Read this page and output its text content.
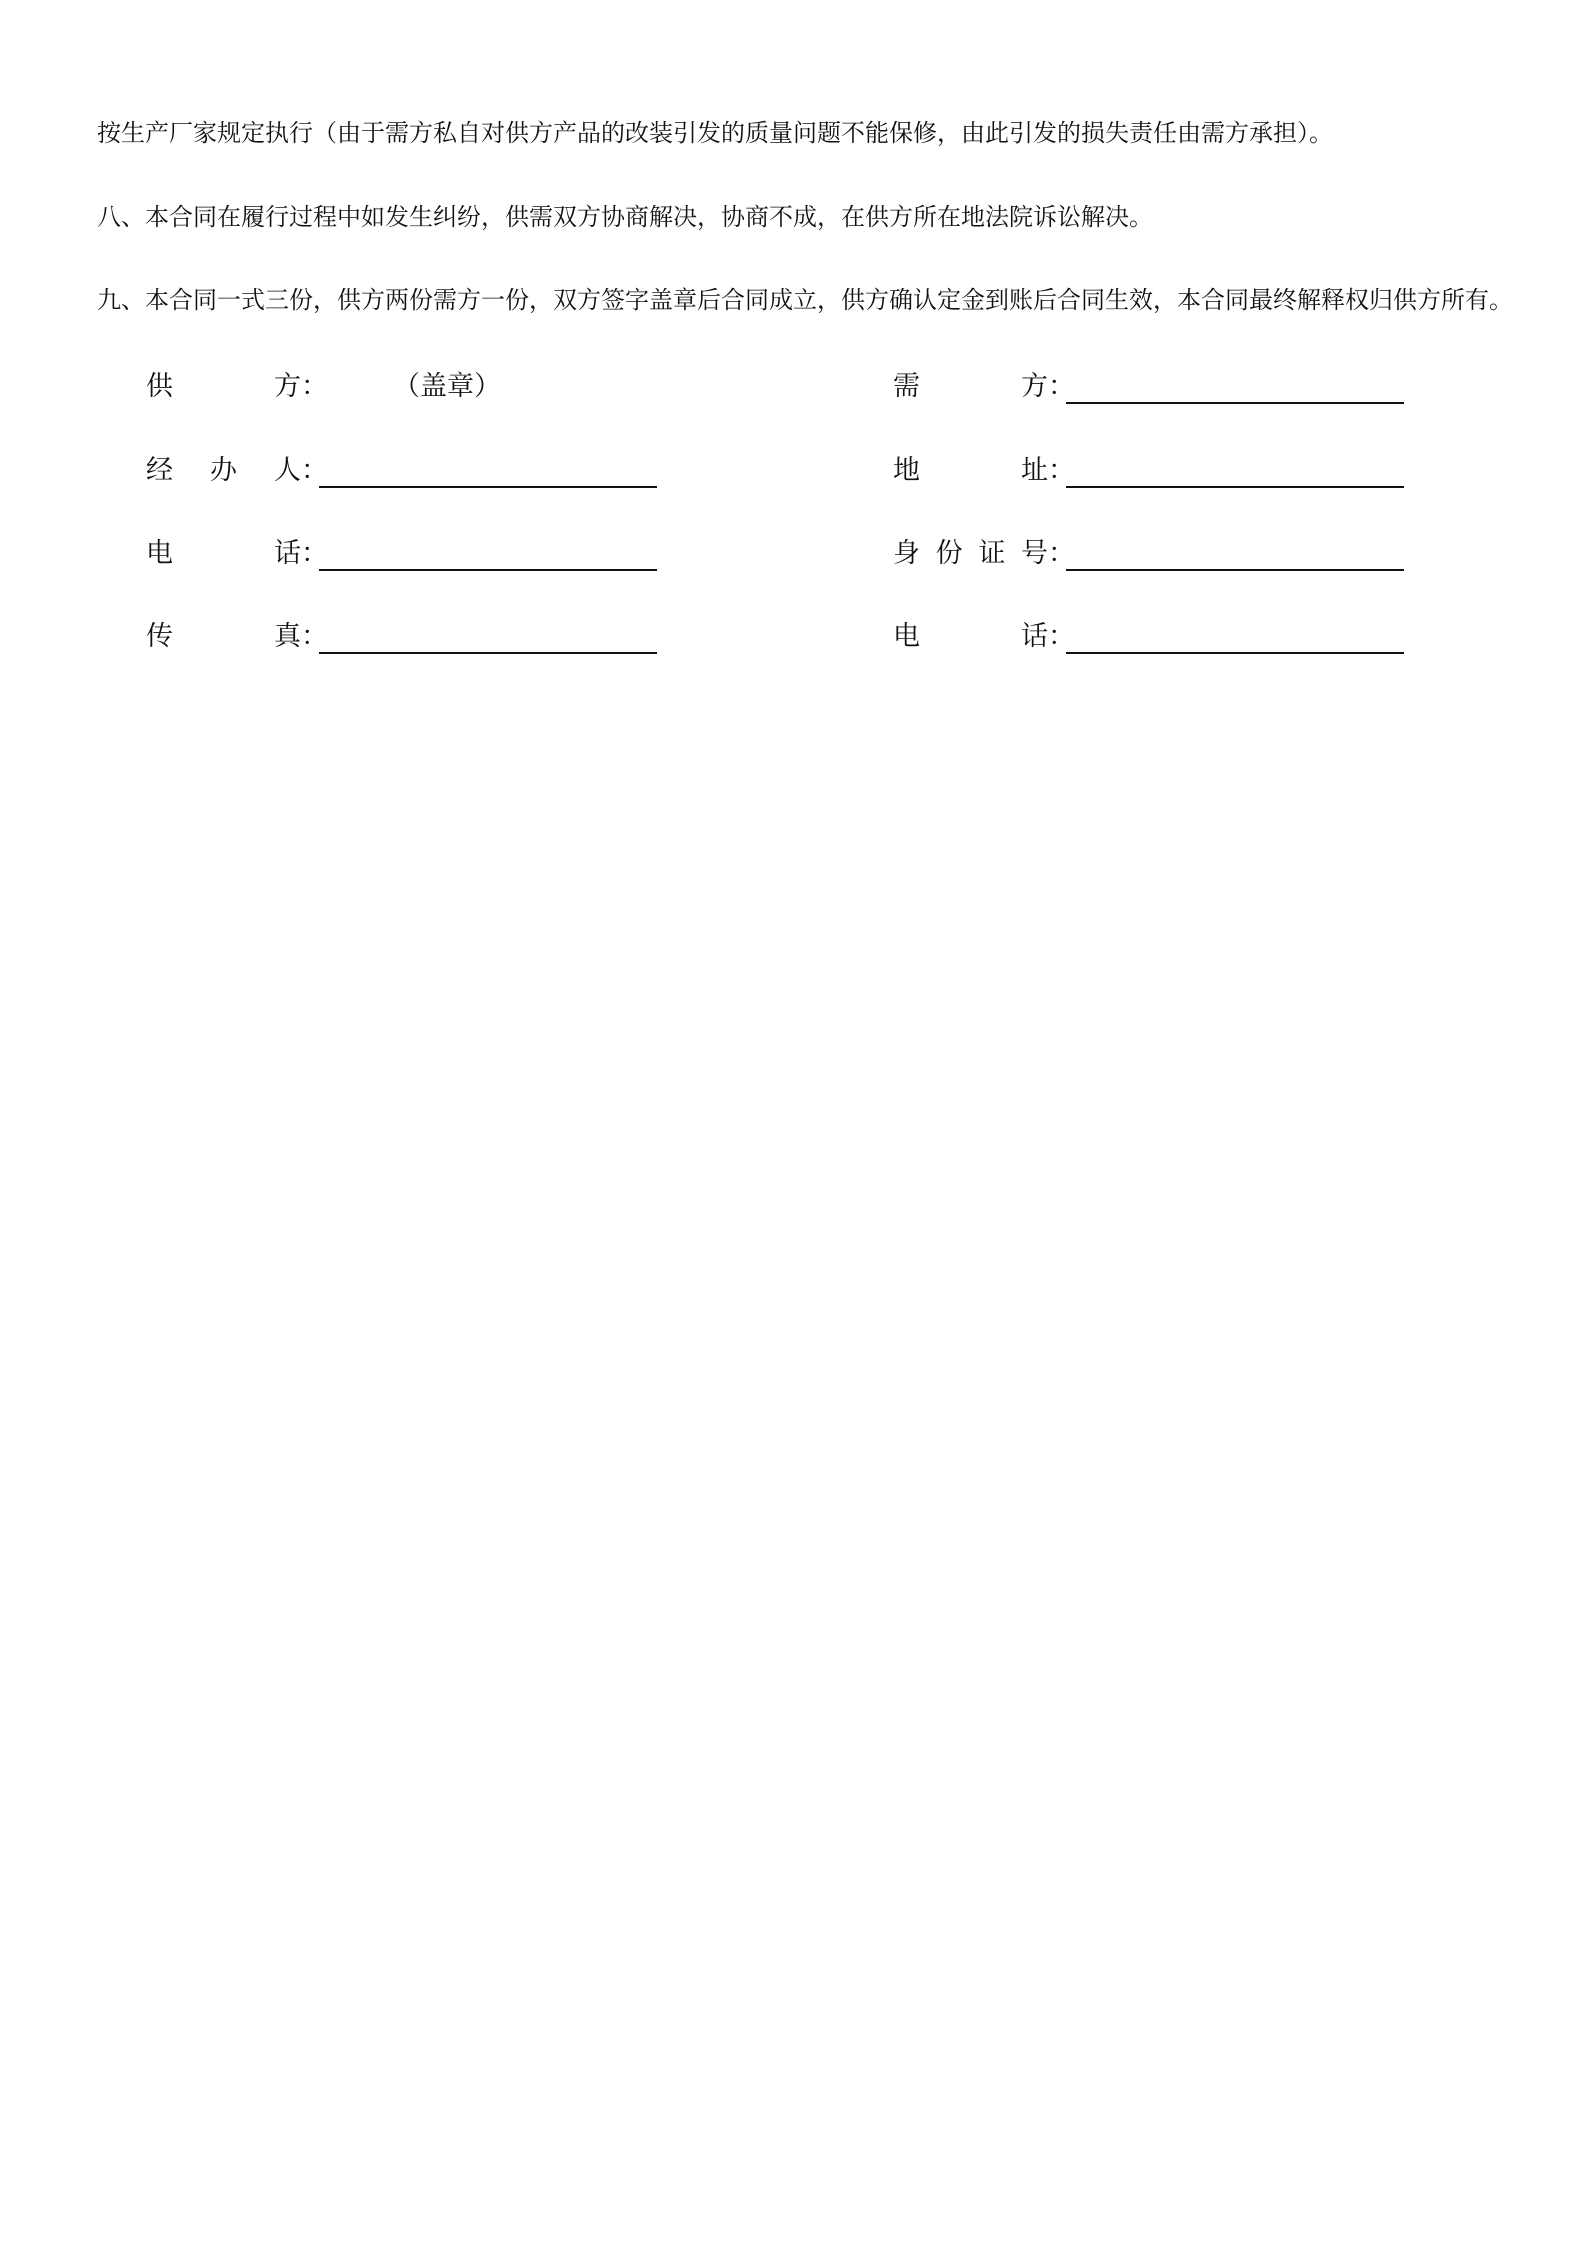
按生产厂家规定执行（由于需方私自对供方产品的改装引发的质量问题不能保修，由此引发的损失责任由需方承担）。
八、本合同在履行过程中如发生纠纷，供需双方协商解决，协商不成，在供方所在地法院诉讼解决。
九、本合同一式三份，供方两份需方一份，双方签字盖章后合同成立，供方确认定金到账后合同生效，本合同最终解释权归供方所有。
供方 ： （盖章）
经办人 ：
电话 ：
传真 ：
需方 ：
地址 ：
身份证号 ：
电话 ：
